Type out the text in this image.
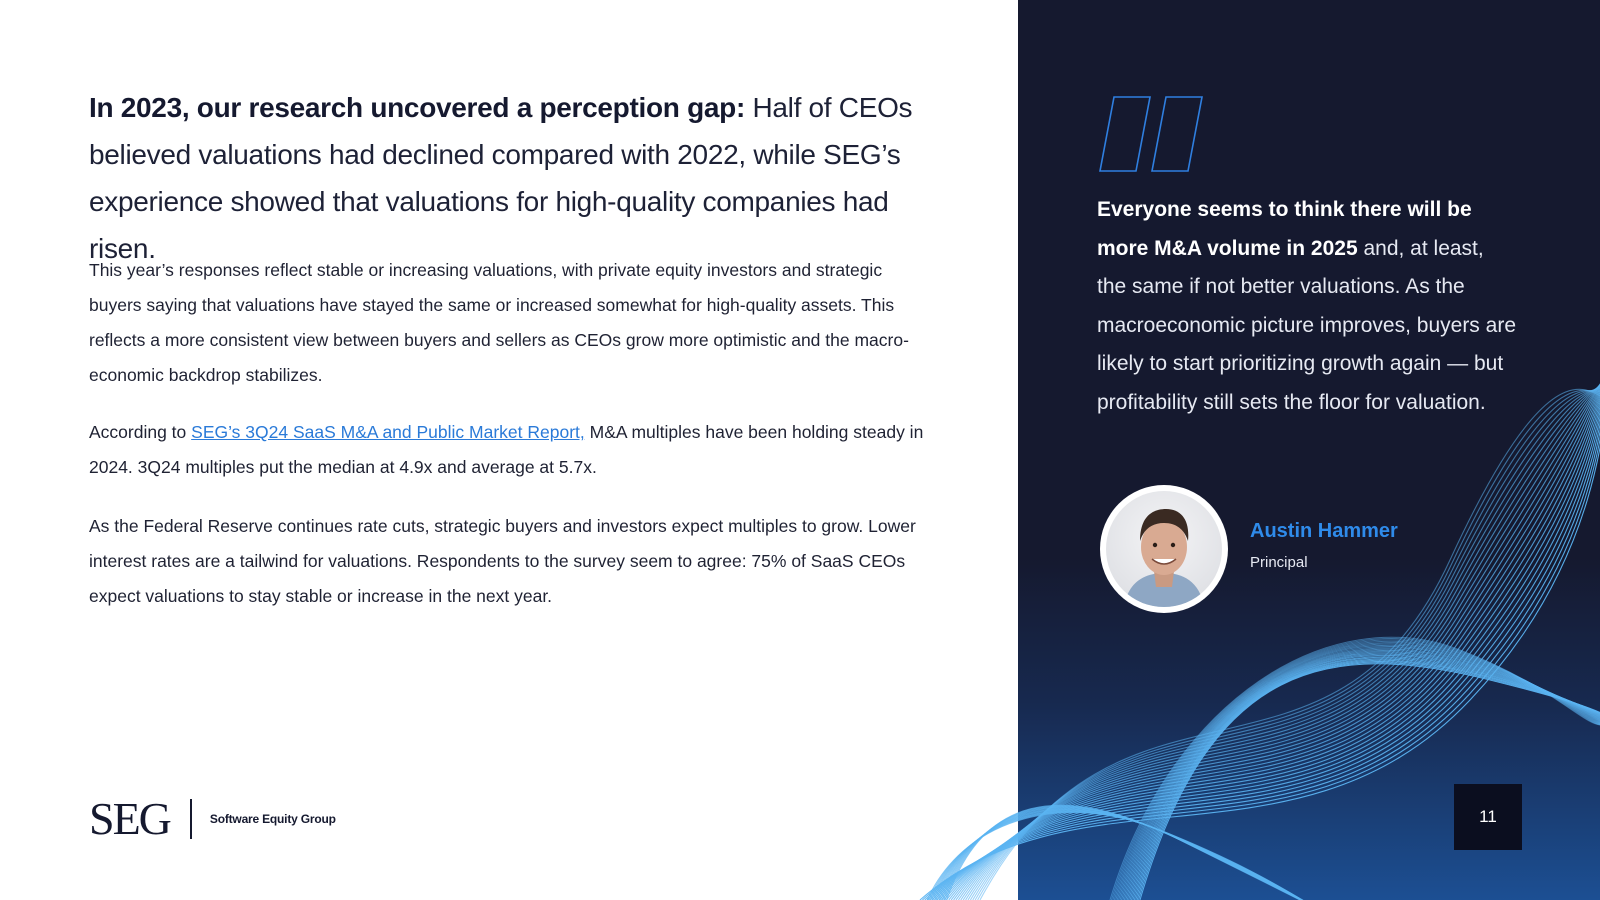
In 2023, our research uncovered a perception gap: Half of CEOs believed valuations had declined compared with 2022, while SEG’s experience showed that valuations for high-quality companies had risen.

This year’s responses reflect stable or increasing valuations, with private equity investors and strategic buyers saying that valuations have stayed the same or increased somewhat for high-quality assets. This reflects a more consistent view between buyers and sellers as CEOs grow more optimistic and the macro-economic backdrop stabilizes.

According to SEG’s 3Q24 SaaS M&A and Public Market Report, M&A multiples have been holding steady in 2024. 3Q24 multiples put the median at 4.9x and average at 5.7x.

As the Federal Reserve continues rate cuts, strategic buyers and investors expect multiples to grow. Lower interest rates are a tailwind for valuations. Respondents to the survey seem to agree: 75% of SaaS CEOs expect valuations to stay stable or increase in the next year.

SEG	Software Equity Group

Everyone seems to think there will be more M&A volume in 2025 and, at least, the same if not better valuations. As the macroeconomic picture improves, buyers are likely to start prioritizing growth again — but profitability still sets the floor for valuation.

Austin Hammer

Principal

11
